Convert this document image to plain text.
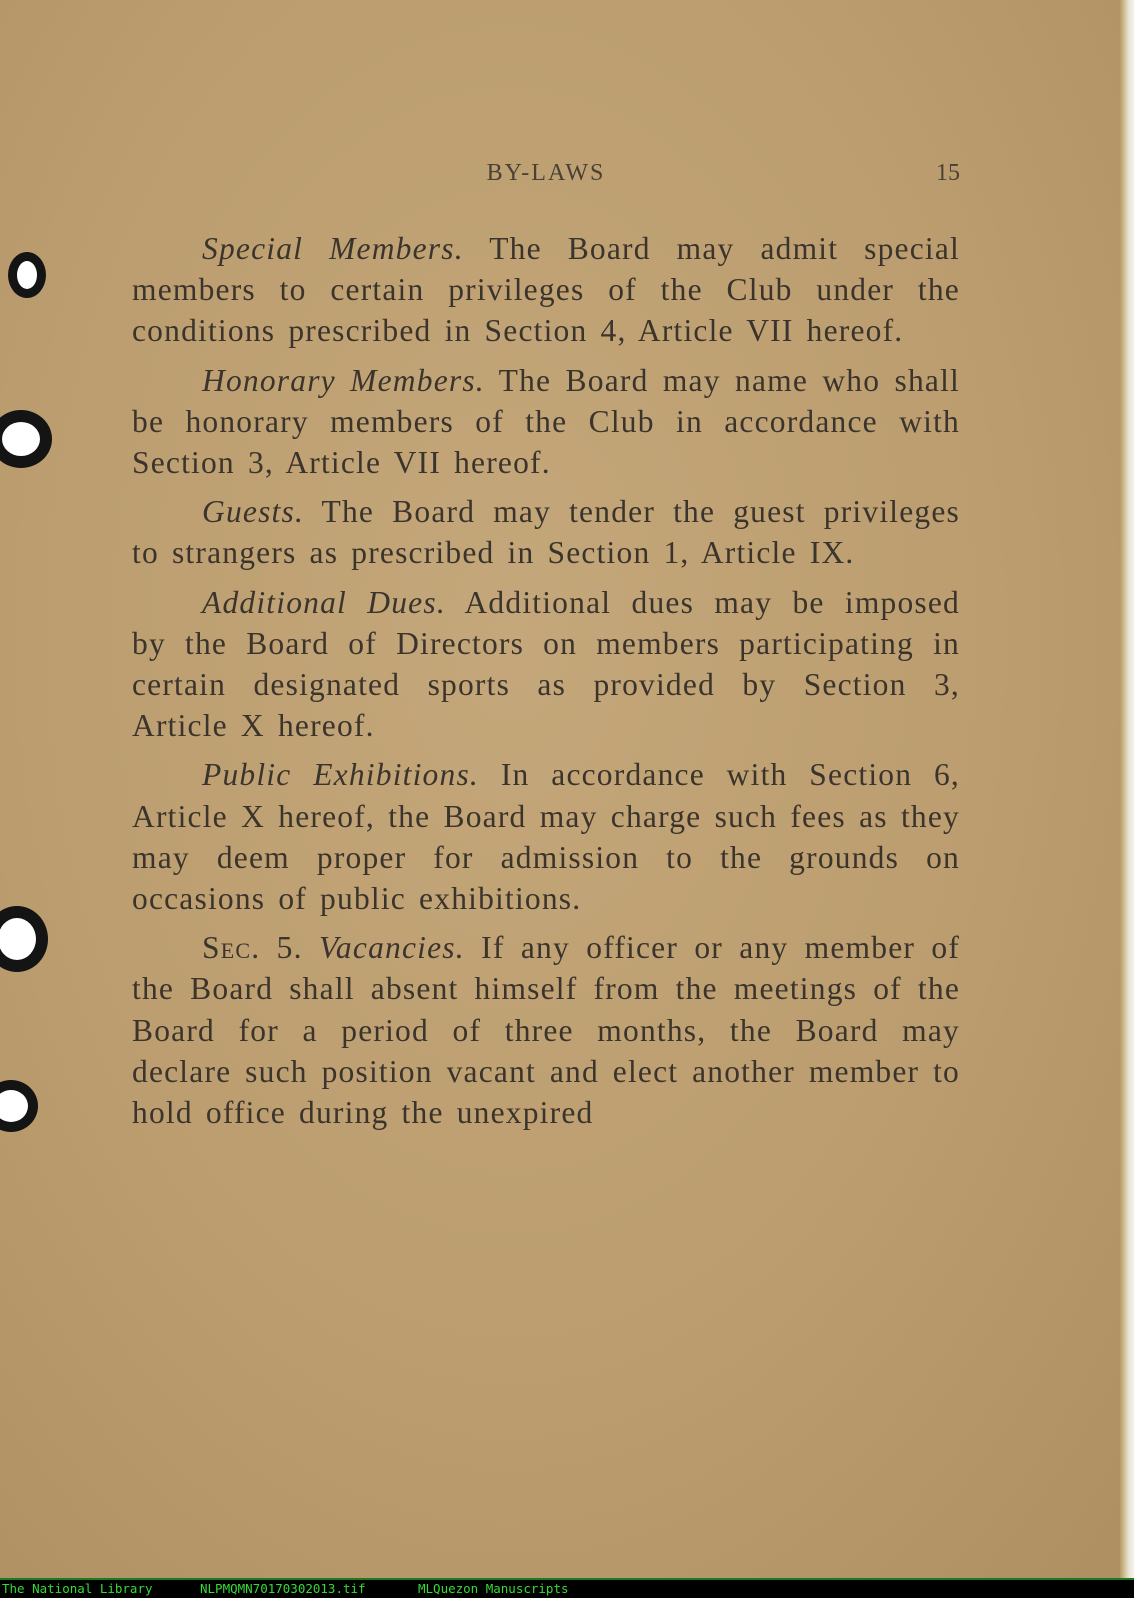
BY-LAWS	15

Special Members. The Board may admit special members to certain privileges of the Club under the conditions prescribed in Section 4, Article VII hereof.

Honorary Members. The Board may name who shall be honorary members of the Club in accordance with Section 3, Article VII hereof.

Guests. The Board may tender the guest privileges to strangers as prescribed in Section 1, Article IX.

Additional Dues. Additional dues may be imposed by the Board of Directors on members participating in certain designated sports as provided by Section 3, Article X hereof.

Public Exhibitions. In accordance with Section 6, Article X hereof, the Board may charge such fees as they may deem proper for admission to the grounds on occasions of public exhibitions.

Sec. 5. Vacancies. If any officer or any member of the Board shall absent himself from the meetings of the Board for a period of three months, the Board may declare such position vacant and elect another member to hold office during the unexpired

The National Library	NLPMQMN70170302013.tif	MLQuezon Manuscripts
